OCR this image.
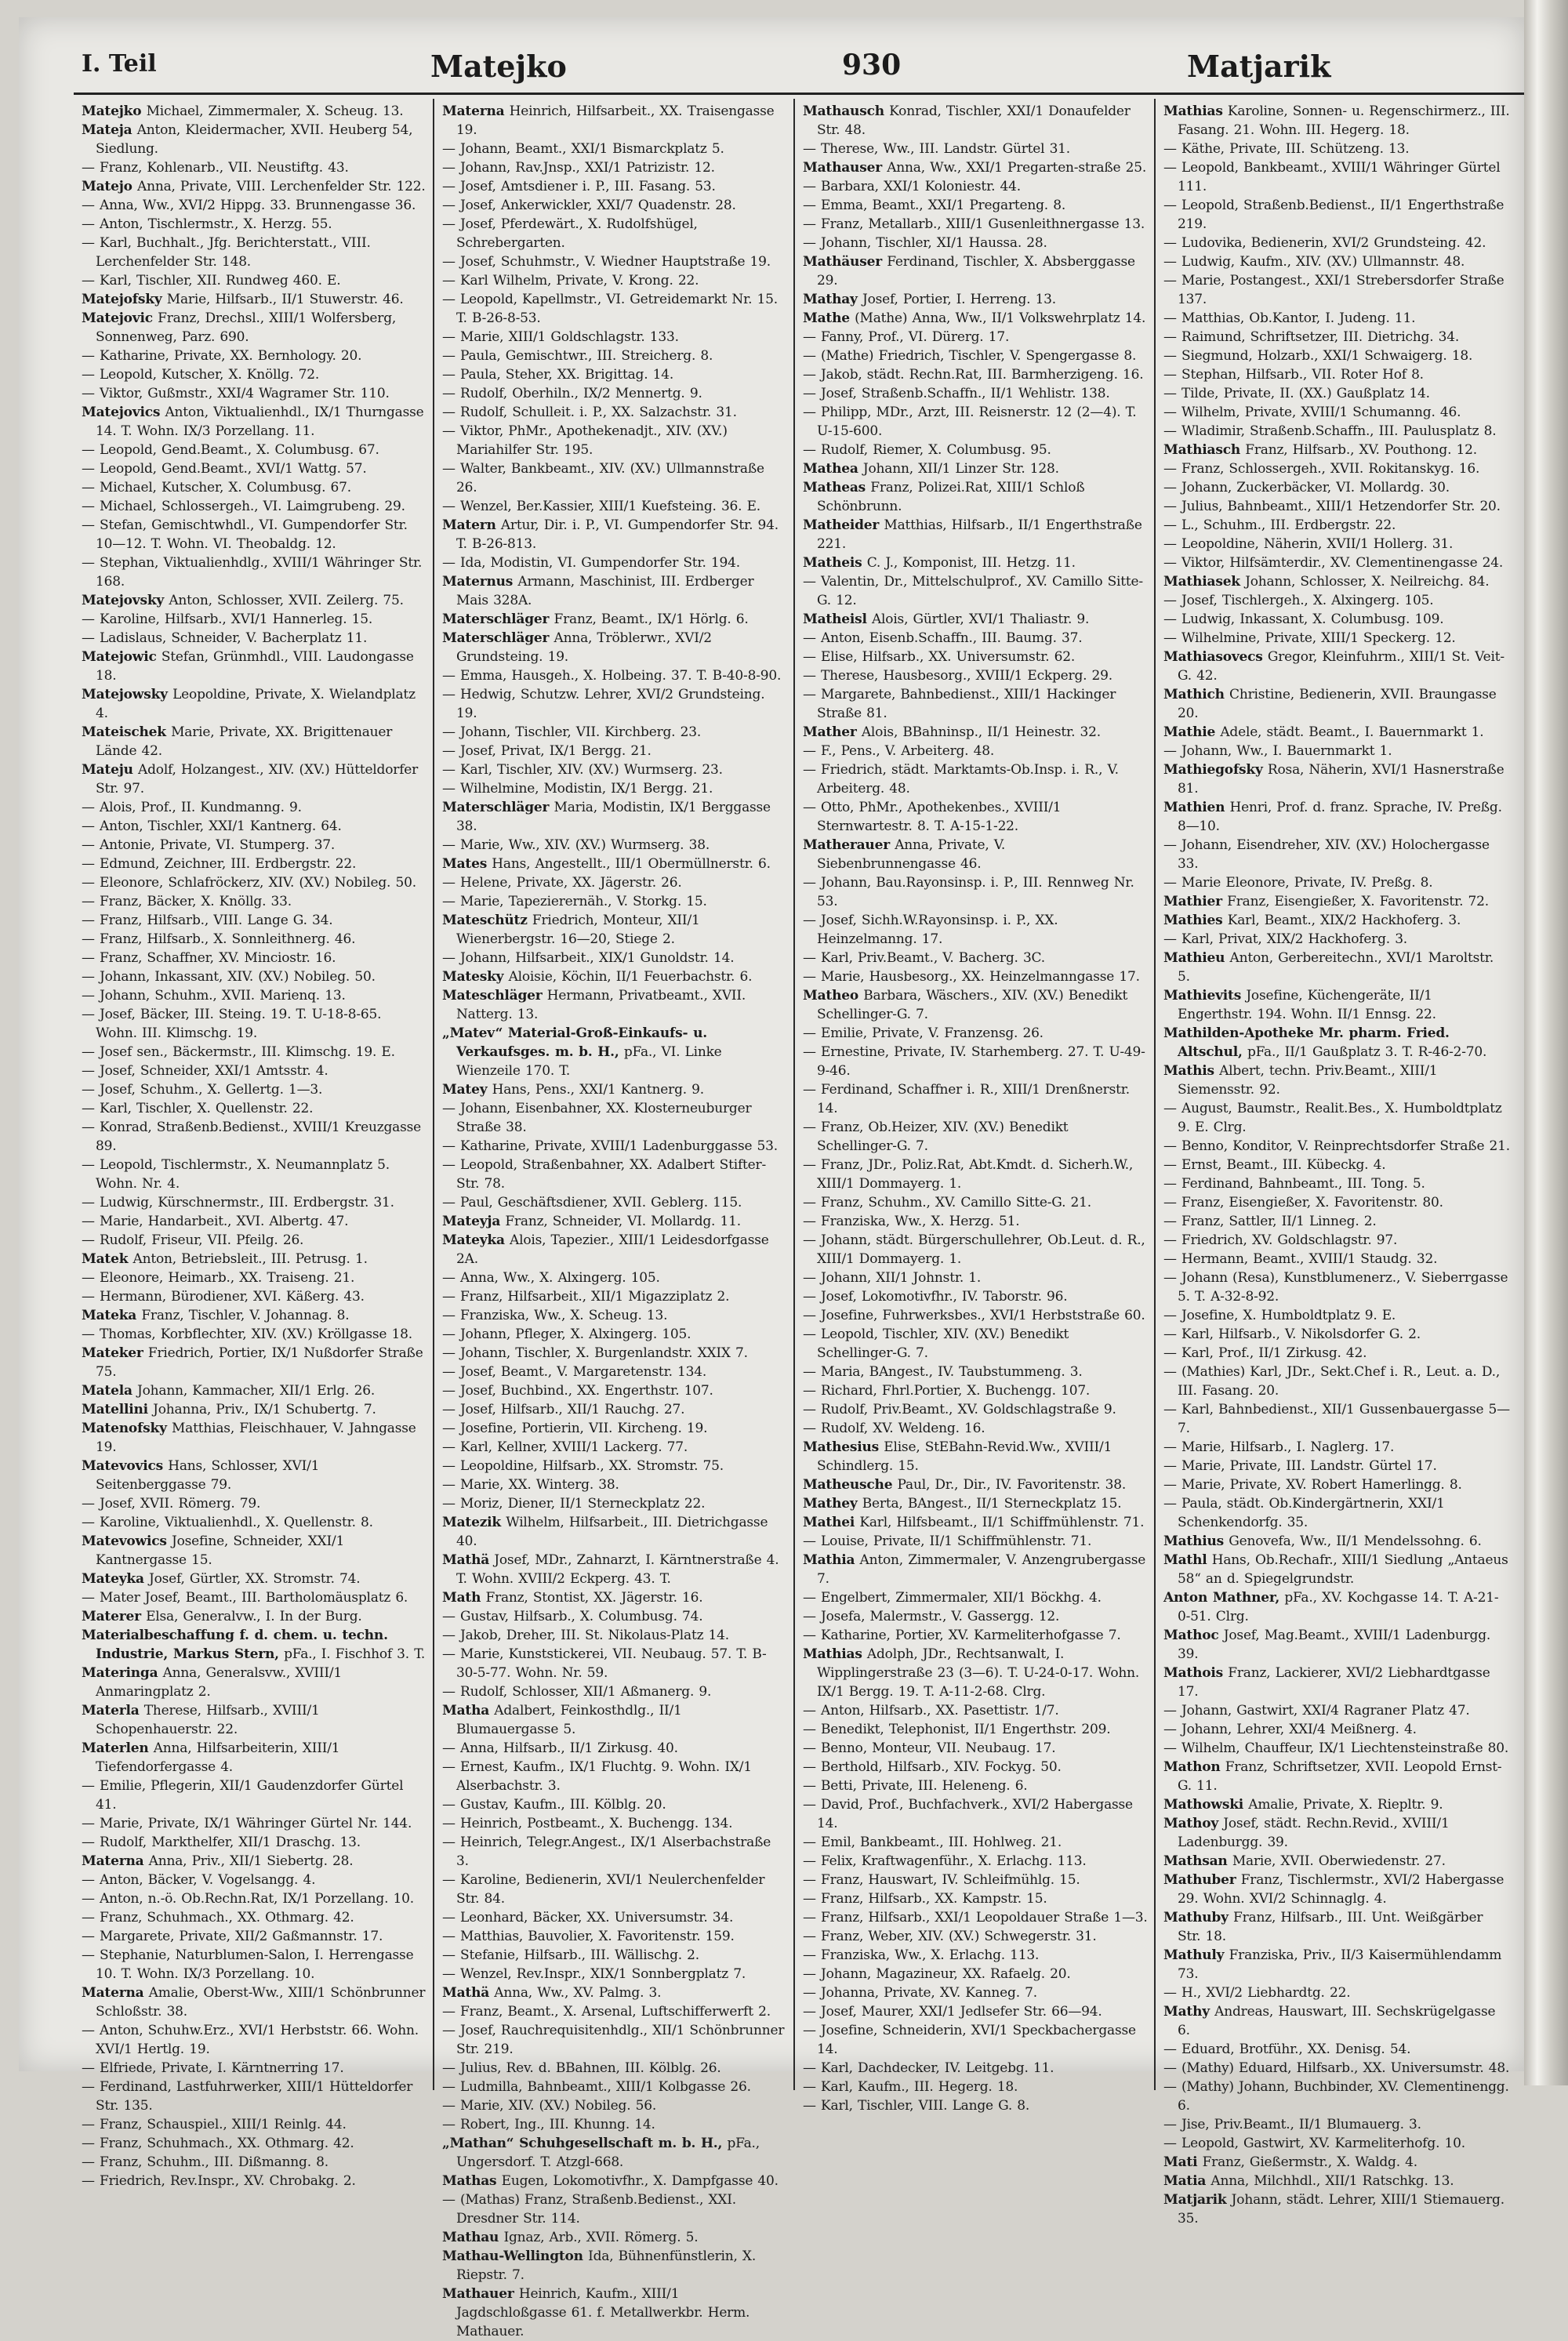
I. Teil	Matejko	930	Matjarik

Matejko Michael, Zimmermaler, X. Scheug. 13.

Mateja Anton, Kleidermacher, XVII. Heuberg 54, Siedlung.

— Franz, Kohlenarb., VII. Neustiftg. 43.

Matejo Anna, Private, VIII. Lerchenfelder Str. 122.

— Anna, Ww., XVI/2 Hippg. 33. Brunnengasse 36.

— Anton, Tischlermstr., X. Herzg. 55.

— Karl, Buchhalt., Jfg. Berichterstatt., VIII. Lerchenfelder Str. 148.

— Karl, Tischler, XII. Rundweg 460. E.

Matejofsky Marie, Hilfsarb., II/1 Stuwerstr. 46.

Matejovic Franz, Drechsl., XIII/1 Wolfersberg, Sonnenweg, Parz. 690.

— Katharine, Private, XX. Bernhology. 20.

— Leopold, Kutscher, X. Knöllg. 72.

— Viktor, Gußmstr., XXI/4 Wagramer Str. 110.

Matejovics Anton, Viktualienhdl., IX/1 Thurngasse 14. T. Wohn. IX/3 Porzellang. 11.

— Leopold, Gend.Beamt., X. Columbusg. 67.

— Leopold, Gend.Beamt., XVI/1 Wattg. 57.

— Michael, Kutscher, X. Columbusg. 67.

— Michael, Schlossergeh., VI. Laimgrubeng. 29.

— Stefan, Gemischtwhdl., VI. Gumpendorfer Str. 10—12. T. Wohn. VI. Theobaldg. 12.

— Stephan, Viktualienhdlg., XVIII/1 Währinger Str. 168.

Matejovsky Anton, Schlosser, XVII. Zeilerg. 75.

— Karoline, Hilfsarb., XVI/1 Hannerleg. 15.

— Ladislaus, Schneider, V. Bacherplatz 11.

Matejowic Stefan, Grünmhdl., VIII. Laudongasse 18.

Matejowsky Leopoldine, Private, X. Wielandplatz 4.

Mateischek Marie, Private, XX. Brigittenauer Lände 42.

Mateju Adolf, Holzangest., XIV. (XV.) Hütteldorfer Str. 97.

— Alois, Prof., II. Kundmanng. 9.

— Anton, Tischler, XXI/1 Kantnerg. 64.

— Antonie, Private, VI. Stumperg. 37.

— Edmund, Zeichner, III. Erdbergstr. 22.

— Eleonore, Schlafröckerz, XIV. (XV.) Nobileg. 50.

— Franz, Bäcker, X. Knöllg. 33.

— Franz, Hilfsarb., VIII. Lange G. 34.

— Franz, Hilfsarb., X. Sonnleithnerg. 46.

— Franz, Schaffner, XV. Minciostr. 16.

— Johann, Inkassant, XIV. (XV.) Nobileg. 50.

— Johann, Schuhm., XVII. Marienq. 13.

— Josef, Bäcker, III. Steing. 19. T. U-18-8-65. Wohn. III. Klimschg. 19.

— Josef sen., Bäckermstr., III. Klimschg. 19. E.

— Josef, Schneider, XXI/1 Amtsstr. 4.

— Josef, Schuhm., X. Gellertg. 1—3.

— Karl, Tischler, X. Quellenstr. 22.

— Konrad, Straßenb.Bedienst., XVIII/1 Kreuzgasse 89.

— Leopold, Tischlermstr., X. Neumannplatz 5. Wohn. Nr. 4.

— Ludwig, Kürschnermstr., III. Erdbergstr. 31.

— Marie, Handarbeit., XVI. Albertg. 47.

— Rudolf, Friseur, VII. Pfeilg. 26.

Matek Anton, Betriebsleit., III. Petrusg. 1.

— Eleonore, Heimarb., XX. Traiseng. 21.

— Hermann, Bürodiener, XVI. Käßerg. 43.

Mateka Franz, Tischler, V. Johannag. 8.

— Thomas, Korbflechter, XIV. (XV.) Kröllgasse 18.

Mateker Friedrich, Portier, IX/1 Nußdorfer Straße 75.

Matela Johann, Kammacher, XII/1 Erlg. 26.

Matellini Johanna, Priv., IX/1 Schubertg. 7.

Matenofsky Matthias, Fleischhauer, V. Jahngasse 19.

Matevovics Hans, Schlosser, XVI/1 Seitenberggasse 79.

— Josef, XVII. Römerg. 79.

— Karoline, Viktualienhdl., X. Quellenstr. 8.

Matevowics Josefine, Schneider, XXI/1 Kantnergasse 15.

Mateyka Josef, Gürtler, XX. Stromstr. 74.

— Mater Josef, Beamt., III. Bartholomäusplatz 6.

Materer Elsa, Generalvw., I. In der Burg.

Materialbeschaffung f. d. chem. u. techn. Industrie, Markus Stern, pFa., I. Fischhof 3. T.

Materinga Anna, Generalsvw., XVIII/1 Anmaringplatz 2.

Materla Therese, Hilfsarb., XVIII/1 Schopenhauerstr. 22.

Materlen Anna, Hilfsarbeiterin, XIII/1 Tiefendorfergasse 4.

— Emilie, Pflegerin, XII/1 Gaudenzdorfer Gürtel 41.

— Marie, Private, IX/1 Währinger Gürtel Nr. 144.

— Rudolf, Markthelfer, XII/1 Draschg. 13.

Materna Anna, Priv., XII/1 Siebertg. 28.

— Anton, Bäcker, V. Vogelsangg. 4.

— Anton, n.-ö. Ob.Rechn.Rat, IX/1 Porzellang. 10.

— Franz, Schuhmach., XX. Othmarg. 42.

— Margarete, Private, XII/2 Gaßmannstr. 17.

— Stephanie, Naturblumen-Salon, I. Herrengasse 10. T. Wohn. IX/3 Porzellang. 10.

Materna Amalie, Oberst-Ww., XIII/1 Schönbrunner Schloßstr. 38.

— Anton, Schuhw.Erz., XVI/1 Herbststr. 66. Wohn. XVI/1 Hertlg. 19.

— Elfriede, Private, I. Kärntnerring 17.

— Ferdinand, Lastfuhrwerker, XIII/1 Hütteldorfer Str. 135.

— Franz, Schauspiel., XIII/1 Reinlg. 44.

— Franz, Schuhmach., XX. Othmarg. 42.

— Franz, Schuhm., III. Dißmanng. 8.

— Friedrich, Rev.Inspr., XV. Chrobakg. 2.

Materna Heinrich, Hilfsarbeit., XX. Traisengasse 19.

— Johann, Beamt., XXI/1 Bismarckplatz 5.

— Johann, Rav.Jnsp., XXI/1 Patrizistr. 12.

— Josef, Amtsdiener i. P., III. Fasang. 53.

— Josef, Ankerwickler, XXI/7 Quadenstr. 28.

— Josef, Pferdewärt., X. Rudolfshügel, Schrebergarten.

— Josef, Schuhmstr., V. Wiedner Hauptstraße 19.

— Karl Wilhelm, Private, V. Krong. 22.

— Leopold, Kapellmstr., VI. Getreidemarkt Nr. 15. T. B-26-8-53.

— Marie, XIII/1 Goldschlagstr. 133.

— Paula, Gemischtwr., III. Streicherg. 8.

— Paula, Steher, XX. Brigittag. 14.

— Rudolf, Oberhiln., IX/2 Mennertg. 9.

— Rudolf, Schulleit. i. P., XX. Salzachstr. 31.

— Viktor, PhMr., Apothekenadjt., XIV. (XV.) Mariahilfer Str. 195.

— Walter, Bankbeamt., XIV. (XV.) Ullmannstraße 26.

— Wenzel, Ber.Kassier, XIII/1 Kuefsteing. 36. E.

Matern Artur, Dir. i. P., VI. Gumpendorfer Str. 94. T. B-26-813.

— Ida, Modistin, VI. Gumpendorfer Str. 194.

Maternus Armann, Maschinist, III. Erdberger Mais 328A.

Materschläger Franz, Beamt., IX/1 Hörlg. 6.

Materschläger Anna, Tröblerwr., XVI/2 Grundsteing. 19.

— Emma, Hausgeh., X. Holbeing. 37. T. B-40-8-90.

— Hedwig, Schutzw. Lehrer, XVI/2 Grundsteing. 19.

— Johann, Tischler, VII. Kirchberg. 23.

— Josef, Privat, IX/1 Bergg. 21.

— Karl, Tischler, XIV. (XV.) Wurmserg. 23.

— Wilhelmine, Modistin, IX/1 Bergg. 21.

Materschläger Maria, Modistin, IX/1 Berggasse 38.

— Marie, Ww., XIV. (XV.) Wurmserg. 38.

Mates Hans, Angestellt., III/1 Obermüllnerstr. 6.

— Helene, Private, XX. Jägerstr. 26.

— Marie, Tapezierernäh., V. Storkg. 15.

Mateschütz Friedrich, Monteur, XII/1 Wienerbergstr. 16—20, Stiege 2.

— Johann, Hilfsarbeit., XIX/1 Gunoldstr. 14.

Matesky Aloisie, Köchin, II/1 Feuerbachstr. 6.

Mateschläger Hermann, Privatbeamt., XVII. Natterg. 13.

„Matev“ Material-Groß-Einkaufs- u. Verkaufsges. m. b. H., pFa., VI. Linke Wienzeile 170. T.

Matey Hans, Pens., XXI/1 Kantnerg. 9.

— Johann, Eisenbahner, XX. Klosterneuburger Straße 38.

— Katharine, Private, XVIII/1 Ladenburggasse 53.

— Leopold, Straßenbahner, XX. Adalbert Stifter-Str. 78.

— Paul, Geschäftsdiener, XVII. Geblerg. 115.

Mateyja Franz, Schneider, VI. Mollardg. 11.

Mateyka Alois, Tapezier., XIII/1 Leidesdorfgasse 2A.

— Anna, Ww., X. Alxingerg. 105.

— Franz, Hilfsarbeit., XII/1 Migazziplatz 2.

— Franziska, Ww., X. Scheug. 13.

— Johann, Pfleger, X. Alxingerg. 105.

— Johann, Tischler, X. Burgenlandstr. XXIX 7.

— Josef, Beamt., V. Margaretenstr. 134.

— Josef, Buchbind., XX. Engerthstr. 107.

— Josef, Hilfsarb., XII/1 Rauchg. 27.

— Josefine, Portierin, VII. Kircheng. 19.

— Karl, Kellner, XVIII/1 Lackerg. 77.

— Leopoldine, Hilfsarb., XX. Stromstr. 75.

— Marie, XX. Winterg. 38.

— Moriz, Diener, II/1 Sterneckplatz 22.

Matezik Wilhelm, Hilfsarbeit., III. Dietrichgasse 40.

Mathä Josef, MDr., Zahnarzt, I. Kärntnerstraße 4. T. Wohn. XVIII/2 Eckperg. 43. T.

Math Franz, Stontist, XX. Jägerstr. 16.

— Gustav, Hilfsarb., X. Columbusg. 74.

— Jakob, Dreher, III. St. Nikolaus-Platz 14.

— Marie, Kunststickerei, VII. Neubaug. 57. T. B-30-5-77. Wohn. Nr. 59.

— Rudolf, Schlosser, XII/1 Aßmanerg. 9.

Matha Adalbert, Feinkosthdlg., II/1 Blumauergasse 5.

— Anna, Hilfsarb., II/1 Zirkusg. 40.

— Ernest, Kaufm., IX/1 Fluchtg. 9. Wohn. IX/1 Alserbachstr. 3.

— Gustav, Kaufm., III. Kölblg. 20.

— Heinrich, Postbeamt., X. Buchengg. 134.

— Heinrich, Telegr.Angest., IX/1 Alserbachstraße 3.

— Karoline, Bedienerin, XVI/1 Neulerchenfelder Str. 84.

— Leonhard, Bäcker, XX. Universumstr. 34.

— Matthias, Bauvolier, X. Favoritenstr. 159.

— Stefanie, Hilfsarb., III. Wällischg. 2.

— Wenzel, Rev.Inspr., XIX/1 Sonnbergplatz 7.

Mathä Anna, Ww., XV. Palmg. 3.

— Franz, Beamt., X. Arsenal, Luftschifferwerft 2.

— Josef, Rauchrequisitenhdlg., XII/1 Schönbrunner Str. 219.

— Julius, Rev. d. BBahnen, III. Kölblg. 26.

— Ludmilla, Bahnbeamt., XIII/1 Kolbgasse 26.

— Marie, XIV. (XV.) Nobileg. 56.

— Robert, Ing., III. Khunng. 14.

„Mathan“ Schuhgesellschaft m. b. H., pFa., Ungersdorf. T. Atzgl-668.

Mathas Eugen, Lokomotivfhr., X. Dampfgasse 40.

— (Mathas) Franz, Straßenb.Bedienst., XXI. Dresdner Str. 114.

Mathau Ignaz, Arb., XVII. Römerg. 5.

Mathau-Wellington Ida, Bühnenfünstlerin, X. Riepstr. 7.

Mathauer Heinrich, Kaufm., XIII/1 Jagdschloßgasse 61. f. Metallwerkbr. Herm. Mathauer.

Mathausch Konrad, Tischler, XXI/1 Donaufelder Str. 48.

— Therese, Ww., III. Landstr. Gürtel 31.

Mathauser Anna, Ww., XXI/1 Pregarten-straße 25.

— Barbara, XXI/1 Koloniestr. 44.

— Emma, Beamt., XXI/1 Pregarteng. 8.

— Franz, Metallarb., XIII/1 Gusenleithnergasse 13.

— Johann, Tischler, XI/1 Haussa. 28.

Mathäuser Ferdinand, Tischler, X. Absberggasse 29.

Mathay Josef, Portier, I. Herreng. 13.

Mathe (Mathe) Anna, Ww., II/1 Volkswehrplatz 14.

— Fanny, Prof., VI. Dürerg. 17.

— (Mathe) Friedrich, Tischler, V. Spengergasse 8.

— Jakob, städt. Rechn.Rat, III. Barmherzigeng. 16.

— Josef, Straßenb.Schaffn., II/1 Wehlistr. 138.

— Philipp, MDr., Arzt, III. Reisnerstr. 12 (2—4). T. U-15-600.

— Rudolf, Riemer, X. Columbusg. 95.

Mathea Johann, XII/1 Linzer Str. 128.

Matheas Franz, Polizei.Rat, XIII/1 Schloß Schönbrunn.

Matheider Matthias, Hilfsarb., II/1 Engerthstraße 221.

Matheis C. J., Komponist, III. Hetzg. 11.

— Valentin, Dr., Mittelschulprof., XV. Camillo Sitte-G. 12.

Matheisl Alois, Gürtler, XVI/1 Thaliastr. 9.

— Anton, Eisenb.Schaffn., III. Baumg. 37.

— Elise, Hilfsarb., XX. Universumstr. 62.

— Therese, Hausbesorg., XVIII/1 Eckperg. 29.

— Margarete, Bahnbedienst., XIII/1 Hackinger Straße 81.

Mather Alois, BBahninsp., II/1 Heinestr. 32.

— F., Pens., V. Arbeiterg. 48.

— Friedrich, städt. Marktamts-Ob.Insp. i. R., V. Arbeiterg. 48.

— Otto, PhMr., Apothekenbes., XVIII/1 Sternwartestr. 8. T. A-15-1-22.

Matherauer Anna, Private, V. Siebenbrunnengasse 46.

— Johann, Bau.Rayonsinsp. i. P., III. Rennweg Nr. 53.

— Josef, Sichh.W.Rayonsinsp. i. P., XX. Heinzelmanng. 17.

— Karl, Priv.Beamt., V. Bacherg. 3C.

— Marie, Hausbesorg., XX. Heinzelmanngasse 17.

Matheo Barbara, Wäschers., XIV. (XV.) Benedikt Schellinger-G. 7.

— Emilie, Private, V. Franzensg. 26.

— Ernestine, Private, IV. Starhemberg. 27. T. U-49-9-46.

— Ferdinand, Schaffner i. R., XIII/1 Drenßnerstr. 14.

— Franz, Ob.Heizer, XIV. (XV.) Benedikt Schellinger-G. 7.

— Franz, JDr., Poliz.Rat, Abt.Kmdt. d. Sicherh.W., XIII/1 Dommayerg. 1.

— Franz, Schuhm., XV. Camillo Sitte-G. 21.

— Franziska, Ww., X. Herzg. 51.

— Johann, städt. Bürgerschullehrer, Ob.Leut. d. R., XIII/1 Dommayerg. 1.

— Johann, XII/1 Johnstr. 1.

— Josef, Lokomotivfhr., IV. Taborstr. 96.

— Josefine, Fuhrwerksbes., XVI/1 Herbststraße 60.

— Leopold, Tischler, XIV. (XV.) Benedikt Schellinger-G. 7.

— Maria, BAngest., IV. Taubstummeng. 3.

— Richard, Fhrl.Portier, X. Buchengg. 107.

— Rudolf, Priv.Beamt., XV. Goldschlagstraße 9.

— Rudolf, XV. Weldeng. 16.

Mathesius Elise, StEBahn-Revid.Ww., XVIII/1 Schindlerg. 15.

Matheusche Paul, Dr., Dir., IV. Favoritenstr. 38.

Mathey Berta, BAngest., II/1 Sterneckplatz 15.

Mathei Karl, Hilfsbeamt., II/1 Schiffmühlenstr. 71.

— Louise, Private, II/1 Schiffmühlenstr. 71.

Mathia Anton, Zimmermaler, V. Anzengrubergasse 7.

— Engelbert, Zimmermaler, XII/1 Böckhg. 4.

— Josefa, Malermstr., V. Gassergg. 12.

— Katharine, Portier, XV. Karmeliterhofgasse 7.

Mathias Adolph, JDr., Rechtsanwalt, I. Wipplingerstraße 23 (3—6). T. U-24-0-17. Wohn. IX/1 Bergg. 19. T. A-11-2-68. Clrg.

— Anton, Hilfsarb., XX. Pasettistr. 1/7.

— Benedikt, Telephonist, II/1 Engerthstr. 209.

— Benno, Monteur, VII. Neubaug. 17.

— Berthold, Hilfsarb., XIV. Fockyg. 50.

— Betti, Private, III. Heleneng. 6.

— David, Prof., Buchfachverk., XVI/2 Habergasse 14.

— Emil, Bankbeamt., III. Hohlweg. 21.

— Felix, Kraftwagenführ., X. Erlachg. 113.

— Franz, Hauswart, IV. Schleifmühlg. 15.

— Franz, Hilfsarb., XX. Kampstr. 15.

— Franz, Hilfsarb., XXI/1 Leopoldauer Straße 1—3.

— Franz, Weber, XIV. (XV.) Schwegerstr. 31.

— Franziska, Ww., X. Erlachg. 113.

— Johann, Magazineur, XX. Rafaelg. 20.

— Johanna, Private, XV. Kanneg. 7.

— Josef, Maurer, XXI/1 Jedlsefer Str. 66—94.

— Josefine, Schneiderin, XVI/1 Speckbachergasse 14.

— Karl, Dachdecker, IV. Leitgebg. 11.

— Karl, Kaufm., III. Hegerg. 18.

— Karl, Tischler, VIII. Lange G. 8.

Mathias Karoline, Sonnen- u. Regenschirmerz., III. Fasang. 21. Wohn. III. Hegerg. 18.

— Käthe, Private, III. Schützeng. 13.

— Leopold, Bankbeamt., XVIII/1 Währinger Gürtel 111.

— Leopold, Straßenb.Bedienst., II/1 Engerthstraße 219.

— Ludovika, Bedienerin, XVI/2 Grundsteing. 42.

— Ludwig, Kaufm., XIV. (XV.) Ullmannstr. 48.

— Marie, Postangest., XXI/1 Strebersdorfer Straße 137.

— Matthias, Ob.Kantor, I. Judeng. 11.

— Raimund, Schriftsetzer, III. Dietrichg. 34.

— Siegmund, Holzarb., XXI/1 Schwaigerg. 18.

— Stephan, Hilfsarb., VII. Roter Hof 8.

— Tilde, Private, II. (XX.) Gaußplatz 14.

— Wilhelm, Private, XVIII/1 Schumanng. 46.

— Wladimir, Straßenb.Schaffn., III. Paulusplatz 8.

Mathiasch Franz, Hilfsarb., XV. Pouthong. 12.

— Franz, Schlossergeh., XVII. Rokitanskyg. 16.

— Johann, Zuckerbäcker, VI. Mollardg. 30.

— Julius, Bahnbeamt., XIII/1 Hetzendorfer Str. 20.

— L., Schuhm., III. Erdbergstr. 22.

— Leopoldine, Näherin, XVII/1 Hollerg. 31.

— Viktor, Hilfsämterdir., XV. Clementinengasse 24.

Mathiasek Johann, Schlosser, X. Neilreichg. 84.

— Josef, Tischlergeh., X. Alxingerg. 105.

— Ludwig, Inkassant, X. Columbusg. 109.

— Wilhelmine, Private, XIII/1 Speckerg. 12.

Mathiasovecs Gregor, Kleinfuhrm., XIII/1 St. Veit-G. 42.

Mathich Christine, Bedienerin, XVII. Braungasse 20.

Mathie Adele, städt. Beamt., I. Bauernmarkt 1.

— Johann, Ww., I. Bauernmarkt 1.

Mathiegofsky Rosa, Näherin, XVI/1 Hasnerstraße 81.

Mathien Henri, Prof. d. franz. Sprache, IV. Preßg. 8—10.

— Johann, Eisendreher, XIV. (XV.) Holochergasse 33.

— Marie Eleonore, Private, IV. Preßg. 8.

Mathier Franz, Eisengießer, X. Favoritenstr. 72.

Mathies Karl, Beamt., XIX/2 Hackhoferg. 3.

— Karl, Privat, XIX/2 Hackhoferg. 3.

Mathieu Anton, Gerbereitechn., XVI/1 Maroltstr. 5.

Mathievits Josefine, Küchengeräte, II/1 Engerthstr. 194. Wohn. II/1 Ennsg. 22.

Mathilden-Apotheke Mr. pharm. Fried. Altschul, pFa., II/1 Gaußplatz 3. T. R-46-2-70.

Mathis Albert, techn. Priv.Beamt., XIII/1 Siemensstr. 92.

— August, Baumstr., Realit.Bes., X. Humboldtplatz 9. E. Clrg.

— Benno, Konditor, V. Reinprechtsdorfer Straße 21.

— Ernst, Beamt., III. Kübeckg. 4.

— Ferdinand, Bahnbeamt., III. Tong. 5.

— Franz, Eisengießer, X. Favoritenstr. 80.

— Franz, Sattler, II/1 Linneg. 2.

— Friedrich, XV. Goldschlagstr. 97.

— Hermann, Beamt., XVIII/1 Staudg. 32.

— Johann (Resa), Kunstblumenerz., V. Sieberrgasse 5. T. A-32-8-92.

— Josefine, X. Humboldtplatz 9. E.

— Karl, Hilfsarb., V. Nikolsdorfer G. 2.

— Karl, Prof., II/1 Zirkusg. 42.

— (Mathies) Karl, JDr., Sekt.Chef i. R., Leut. a. D., III. Fasang. 20.

— Karl, Bahnbedienst., XII/1 Gussenbauergasse 5—7.

— Marie, Hilfsarb., I. Naglerg. 17.

— Marie, Private, III. Landstr. Gürtel 17.

— Marie, Private, XV. Robert Hamerlingg. 8.

— Paula, städt. Ob.Kindergärtnerin, XXI/1 Schenkendorfg. 35.

Mathius Genovefa, Ww., II/1 Mendelssohng. 6.

Mathl Hans, Ob.Rechafr., XIII/1 Siedlung „Antaeus 58“ an d. Spiegelgrundstr.

Anton Mathner, pFa., XV. Kochgasse 14. T. A-21-0-51. Clrg.

Mathoc Josef, Mag.Beamt., XVIII/1 Ladenburgg. 39.

Mathois Franz, Lackierer, XVI/2 Liebhardtgasse 17.

— Johann, Gastwirt, XXI/4 Ragraner Platz 47.

— Johann, Lehrer, XXI/4 Meißnerg. 4.

— Wilhelm, Chauffeur, IX/1 Liechtensteinstraße 80.

Mathon Franz, Schriftsetzer, XVII. Leopold Ernst-G. 11.

Mathowski Amalie, Private, X. Riepltr. 9.

Mathoy Josef, städt. Rechn.Revid., XVIII/1 Ladenburgg. 39.

Mathsan Marie, XVII. Oberwiedenstr. 27.

Mathuber Franz, Tischlermstr., XVI/2 Habergasse 29. Wohn. XVI/2 Schinnaglg. 4.

Mathuby Franz, Hilfsarb., III. Unt. Weißgärber Str. 18.

Mathuly Franziska, Priv., II/3 Kaisermühlendamm 73.

— H., XVI/2 Liebhardtg. 22.

Mathy Andreas, Hauswart, III. Sechskrügelgasse 6.

— Eduard, Brotführ., XX. Denisg. 54.

— (Mathy) Eduard, Hilfsarb., XX. Universumstr. 48.

— (Mathy) Johann, Buchbinder, XV. Clementinengg. 6.

— Jise, Priv.Beamt., II/1 Blumauerg. 3.

— Leopold, Gastwirt, XV. Karmeliterhofg. 10.

Mati Franz, Gießermstr., X. Waldg. 4.

Matia Anna, Milchhdl., XII/1 Ratschkg. 13.

Matjarik Johann, städt. Lehrer, XIII/1 Stiemauerg. 35.
